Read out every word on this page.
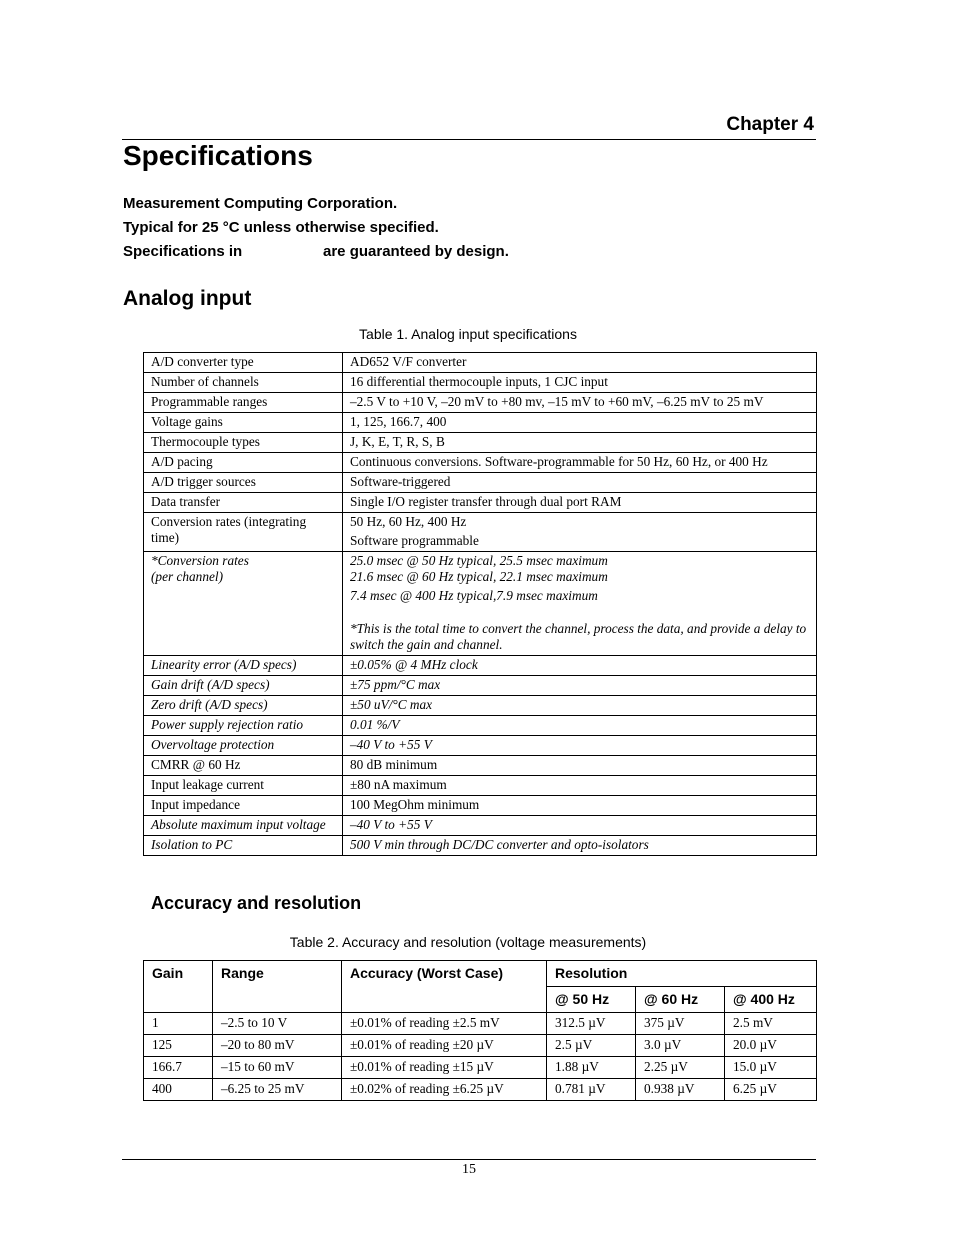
Chapter 4
Specifications
Measurement Computing Corporation.
Typical for 25 °C unless otherwise specified.
Specifications in	are guaranteed by design.
Analog input
Table 1. Analog input specifications
A/D converter type	AD652 V/F converter

Number of channels	16 differential thermocouple inputs, 1 CJC input

Programmable ranges	–2.5 V to +10 V, –20 mV to +80 mv, –15 mV to +60 mV, –6.25 mV to 25 mV

Voltage gains	1, 125, 166.7, 400

Thermocouple types	J, K, E, T, R, S, B

A/D pacing	Continuous conversions. Software-programmable for 50 Hz, 60 Hz, or 400 Hz

A/D trigger sources	Software-triggered

Data transfer	Single I/O register transfer through dual port RAM

Conversion rates (integrating time)	50 Hz, 60 Hz, 400 Hz
Software programmable

*Conversion rates
(per channel)	25.0 msec @ 50 Hz typical, 25.5 msec maximum
21.6 msec @ 60 Hz typical, 22.1 msec maximum
7.4 msec @ 400 Hz typical,7.9 msec maximum
*This is the total time to convert the channel, process the data, and provide a delay to switch the gain and channel.

Linearity error (A/D specs)	±0.05% @ 4 MHz clock

Gain drift (A/D specs)	±75 ppm/°C max

Zero drift (A/D specs)	±50 uV/°C max

Power supply rejection ratio	0.01 %/V

Overvoltage protection	–40 V to +55 V

CMRR @ 60 Hz	80 dB minimum

Input leakage current	±80 nA maximum

Input impedance	100 MegOhm minimum

Absolute maximum input voltage	–40 V to +55 V

Isolation to PC	500 V min through DC/DC converter and opto-isolators
Accuracy and resolution
Table 2. Accuracy and resolution (voltage measurements)
Gain	Range	Accuracy (Worst Case)	Resolution		
			@ 50 Hz	@ 60 Hz	@ 400 Hz
1	–2.5 to 10 V	±0.01% of reading ±2.5 mV	312.5 µV	375 µV	2.5 mV
125	–20 to 80 mV	±0.01% of reading ±20 µV	2.5 µV	3.0 µV	20.0 µV
166.7	–15 to 60 mV	±0.01% of reading ±15 µV	1.88 µV	2.25 µV	15.0 µV
400	–6.25 to 25 mV	±0.02% of reading ±6.25 µV	0.781 µV	0.938 µV	6.25 µV
15
